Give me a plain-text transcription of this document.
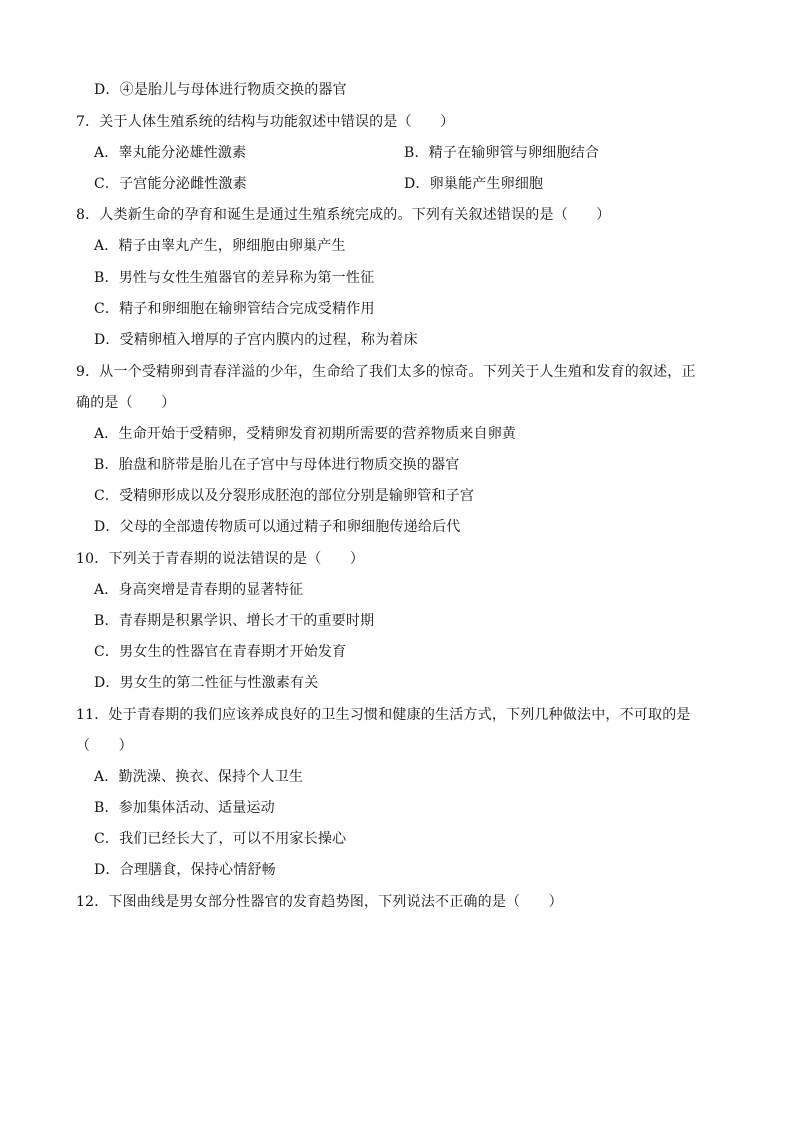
D．④是胎儿与母体进行物质交换的器官
7．关于人体生殖系统的结构与功能叙述中错误的是（　　）
A．睾丸能分泌雄性激素	B．精子在输卵管与卵细胞结合
C．子宫能分泌雌性激素	D．卵巢能产生卵细胞
8．人类新生命的孕育和诞生是通过生殖系统完成的。下列有关叙述错误的是（　　）
A．精子由睾丸产生，卵细胞由卵巢产生
B．男性与女性生殖器官的差异称为第一性征
C．精子和卵细胞在输卵管结合完成受精作用
D．受精卵植入增厚的子宫内膜内的过程，称为着床
9．从一个受精卵到青春洋溢的少年，生命给了我们太多的惊奇。下列关于人生殖和发育的叙述，正
确的是（　　）
A．生命开始于受精卵，受精卵发育初期所需要的营养物质来自卵黄
B．胎盘和脐带是胎儿在子宫中与母体进行物质交换的器官
C．受精卵形成以及分裂形成胚泡的部位分别是输卵管和子宫
D．父母的全部遗传物质可以通过精子和卵细胞传递给后代
10．下列关于青春期的说法错误的是（　　）
A．身高突增是青春期的显著特征
B．青春期是积累学识、增长才干的重要时期
C．男女生的性器官在青春期才开始发育
D．男女生的第二性征与性激素有关
11．处于青春期的我们应该养成良好的卫生习惯和健康的生活方式，下列几种做法中，不可取的是
（　　）
A．勤洗澡、换衣、保持个人卫生
B．参加集体活动、适量运动
C．我们已经长大了，可以不用家长操心
D．合理膳食，保持心情舒畅
12．下图曲线是男女部分性器官的发育趋势图，下列说法不正确的是（　　）
